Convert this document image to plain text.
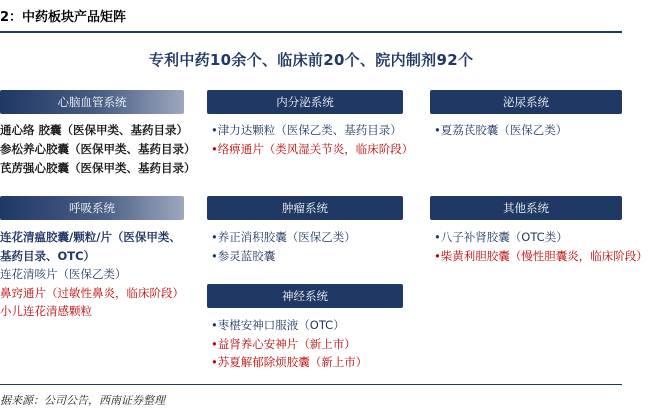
2：中药板块产品矩阵
专利中药10余个、临床前20个、院内制剂92个
心脑血管系统
通心络 胶囊（医保甲类、基药目录）
参松养心胶囊（医保甲类、基药目录）
芪苈强心胶囊（医保甲类、基药目录）
呼吸系统
连花清瘟胶囊/颗粒/片（医保甲类、
基药目录、OTC）
连花清咳片（医保乙类）
鼻窍通片（过敏性鼻炎，临床阶段）
小儿连花清感颗粒
内分泌系统
•津力达颗粒（医保乙类、基药目录）
•络痹通片（类风湿关节炎，临床阶段）
肿瘤系统
•养正消积胶囊（医保乙类）
•参灵蓝胶囊
神经系统
•枣椹安神口服液（OTC）
•益肾养心安神片（新上市）
•苏夏解郁除烦胶囊（新上市）
泌尿系统
•夏荔芪胶囊（医保乙类）
其他系统
•八子补肾胶囊（OTC类）
•柴黄利胆胶囊（慢性胆囊炎，临床阶段）
据来源：公司公告，西南证券整理
